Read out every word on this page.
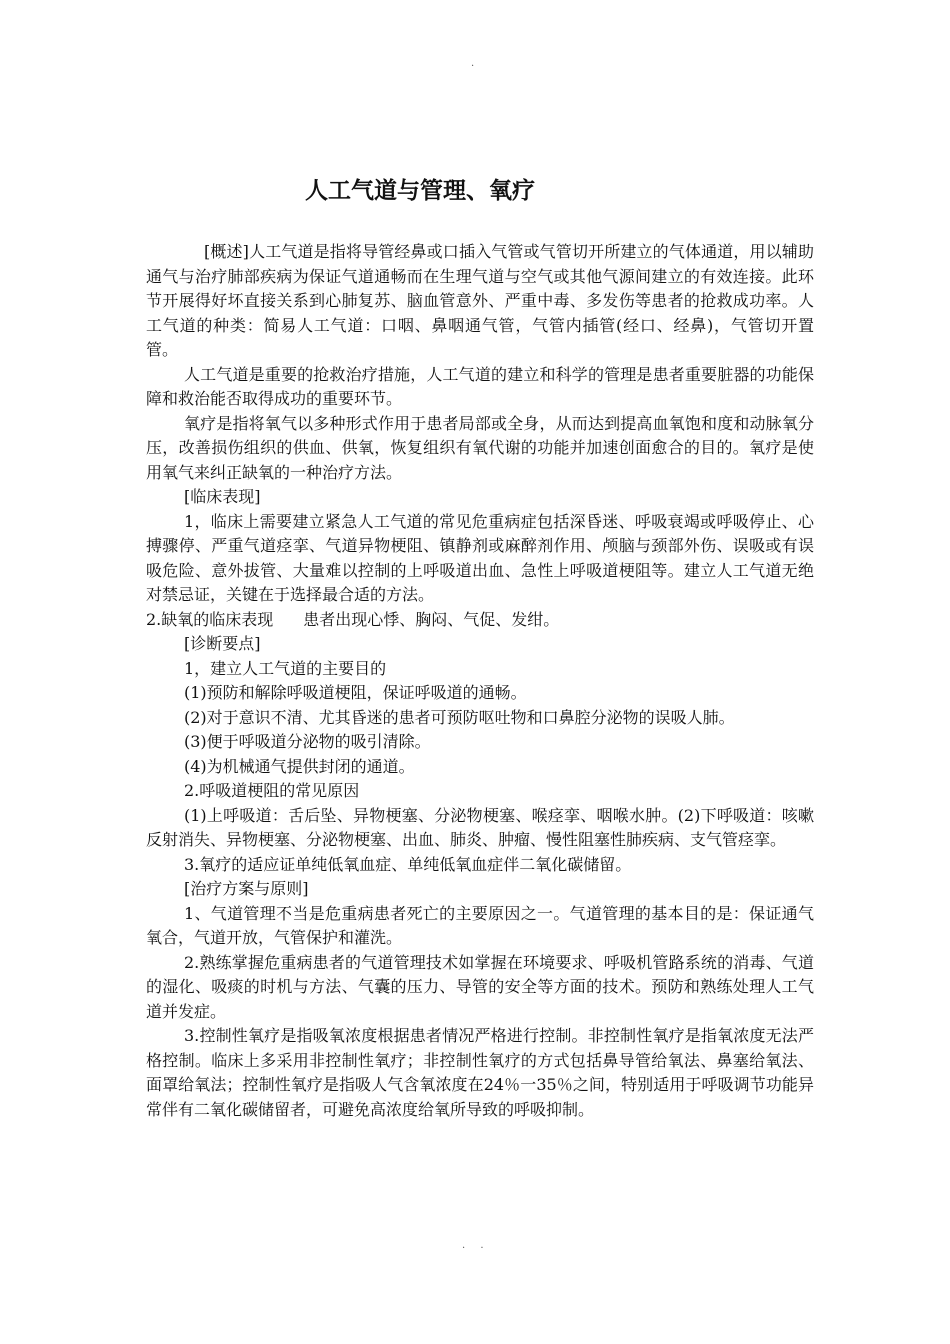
.
人工气道与管理、氧疗

[概述]人工气道是指将导管经鼻或口插入气管或气管切开所建立的气体通道，用以辅助通气与治疗肺部疾病为保证气道通畅而在生理气道与空气或其他气源间建立的有效连接。此环节开展得好坏直接关系到心肺复苏、脑血管意外、严重中毒、多发伤等患者的抢救成功率。人工气道的种类：简易人工气道：口咽、鼻咽通气管，气管内插管(经口、经鼻)，气管切开置管。

人工气道是重要的抢救治疗措施，人工气道的建立和科学的管理是患者重要脏器的功能保障和救治能否取得成功的重要环节。

氧疗是指将氧气以多种形式作用于患者局部或全身，从而达到提高血氧饱和度和动脉氧分压，改善损伤组织的供血、供氧，恢复组织有氧代谢的功能并加速创面愈合的目的。氧疗是使用氧气来纠正缺氧的一种治疗方法。

[临床表现]

1，临床上需要建立紧急人工气道的常见危重病症包括深昏迷、呼吸衰竭或呼吸停止、心搏骤停、严重气道痉挛、气道异物梗阻、镇静剂或麻醉剂作用、颅脑与颈部外伤、误吸或有误吸危险、意外拔管、大量难以控制的上呼吸道出血、急性上呼吸道梗阻等。建立人工气道无绝对禁忌证，关键在于选择最合适的方法。

2.缺氧的临床表现 患者出现心悸、胸闷、气促、发绀。

[诊断要点]

1，建立人工气道的主要目的

(1)预防和解除呼吸道梗阻，保证呼吸道的通畅。

(2)对于意识不清、尤其昏迷的患者可预防呕吐物和口鼻腔分泌物的误吸人肺。

(3)便于呼吸道分泌物的吸引清除。

(4)为机械通气提供封闭的通道。

2.呼吸道梗阻的常见原因

(1)上呼吸道：舌后坠、异物梗塞、分泌物梗塞、喉痉挛、咽喉水肿。(2)下呼吸道：咳嗽反射消失、异物梗塞、分泌物梗塞、出血、肺炎、肿瘤、慢性阻塞性肺疾病、支气管痉挛。

3.氧疗的适应证单纯低氧血症、单纯低氧血症伴二氧化碳储留。

[治疗方案与原则]

1、气道管理不当是危重病患者死亡的主要原因之一。气道管理的基本目的是：保证通气氧合，气道开放，气管保护和灌洗。

2.熟练掌握危重病患者的气道管理技术如掌握在环境要求、呼吸机管路系统的消毒、气道的湿化、吸痰的时机与方法、气囊的压力、导管的安全等方面的技术。预防和熟练处理人工气道并发症。

3.控制性氧疗是指吸氧浓度根据患者情况严格进行控制。非控制性氧疗是指氧浓度无法严格控制。临床上多采用非控制性氧疗；非控制性氧疗的方式包括鼻导管给氧法、鼻塞给氧法、面罩给氧法；控制性氧疗是指吸人气含氧浓度在24％一35％之间，特别适用于呼吸调节功能异常伴有二氧化碳储留者，可避免高浓度给氧所导致的呼吸抑制。

. .
